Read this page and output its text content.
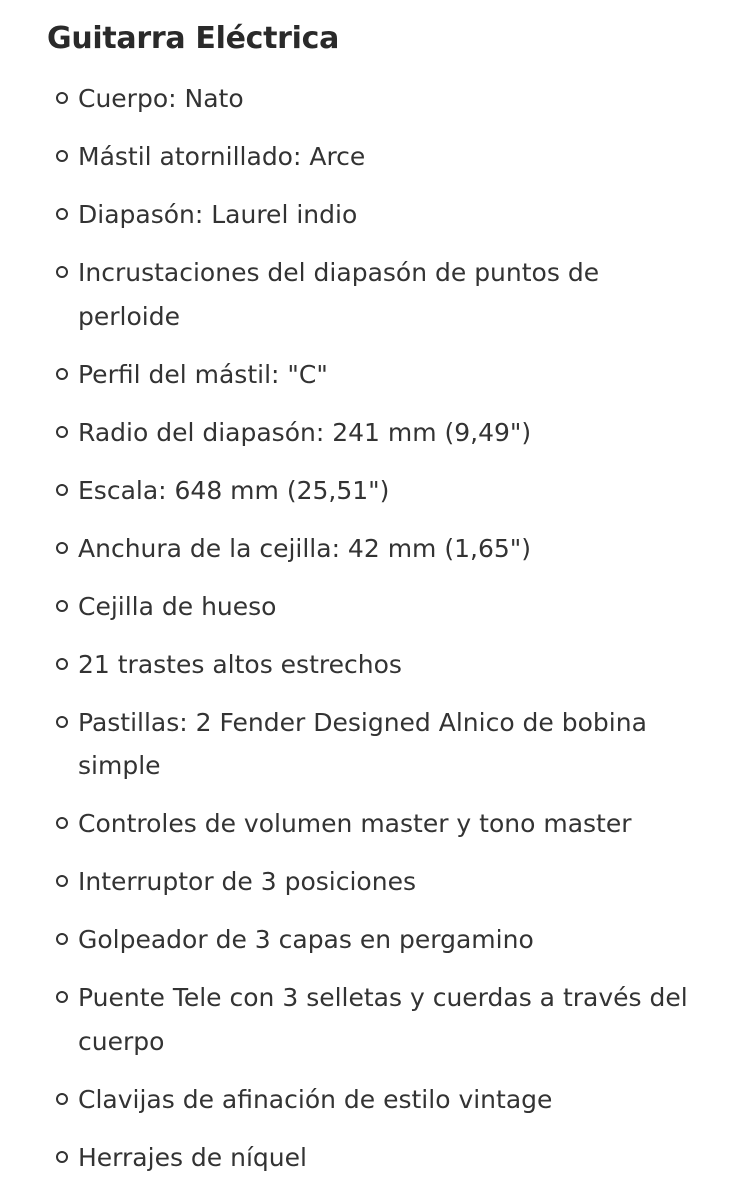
Guitarra Eléctrica
Cuerpo: Nato
Mástil atornillado: Arce
Diapasón: Laurel indio
Incrustaciones del diapasón de puntos de perloide
Perfil del mástil: "C"
Radio del diapasón: 241 mm (9,49")
Escala: 648 mm (25,51")
Anchura de la cejilla: 42 mm (1,65")
Cejilla de hueso
21 trastes altos estrechos
Pastillas: 2 Fender Designed Alnico de bobina simple
Controles de volumen master y tono master
Interruptor de 3 posiciones
Golpeador de 3 capas en pergamino
Puente Tele con 3 selletas y cuerdas a través del cuerpo
Clavijas de afinación de estilo vintage
Herrajes de níquel
